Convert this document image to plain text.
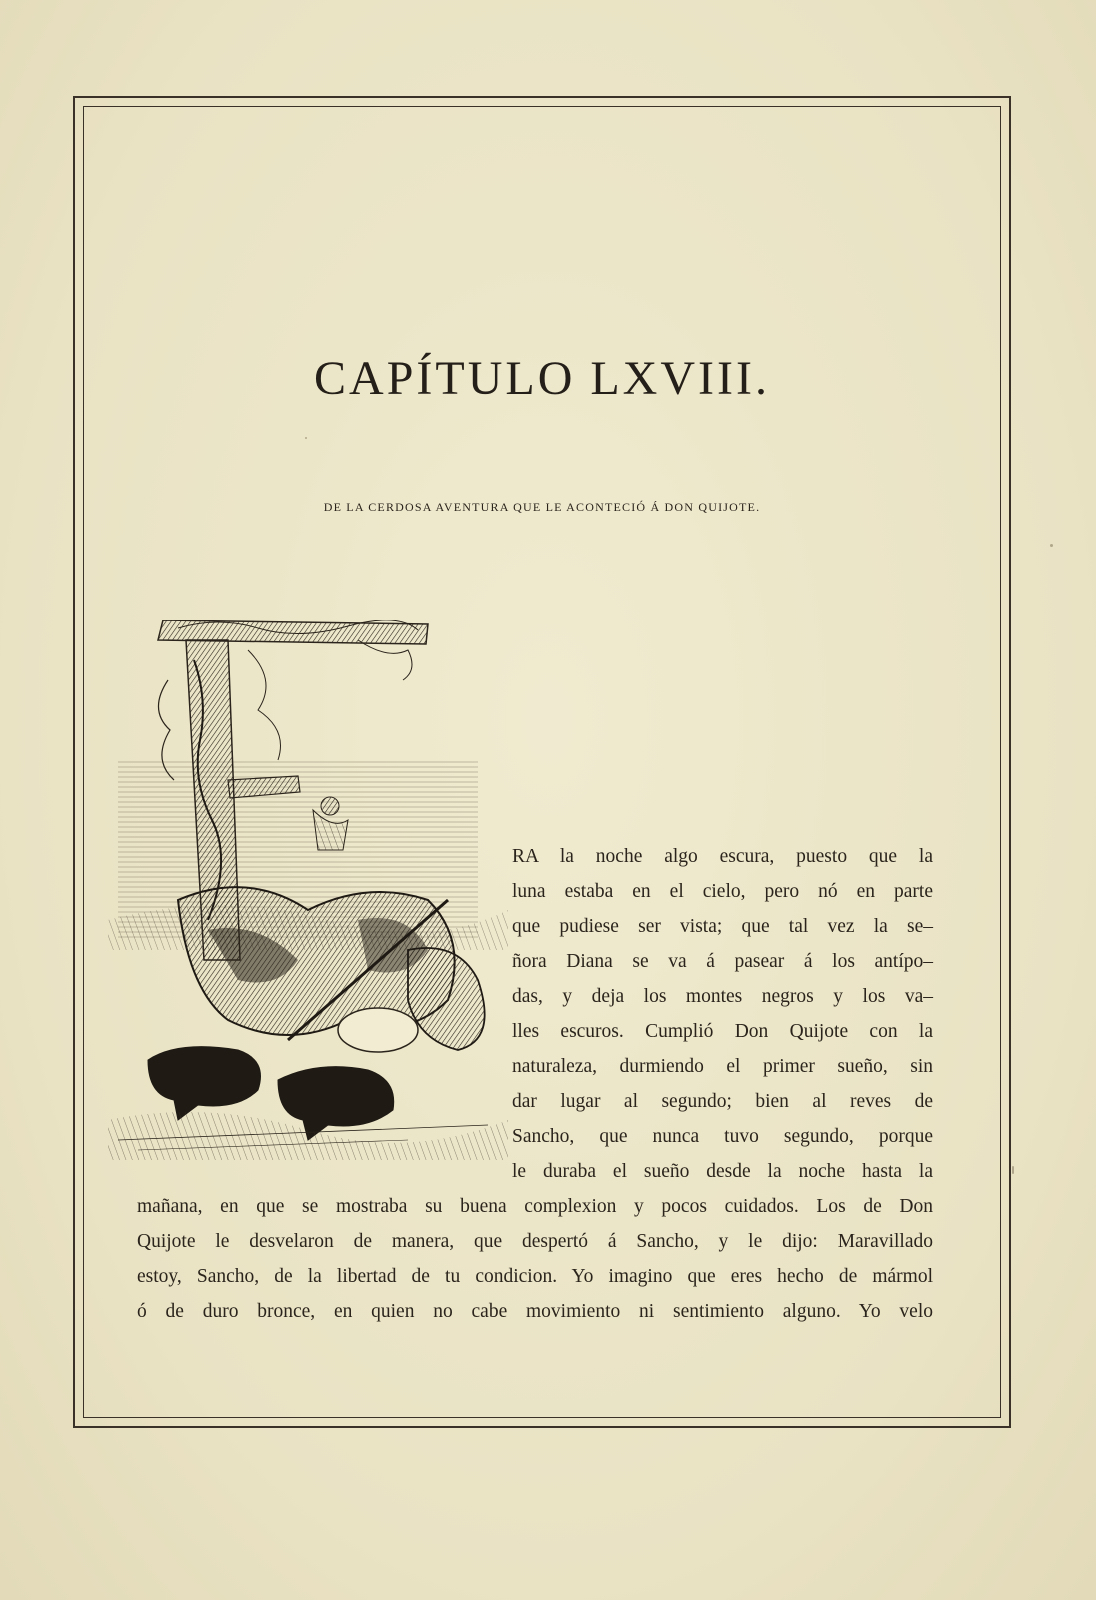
CAPÍTULO LXVIII.

DE LA CERDOSA AVENTURA QUE LE ACONTECIÓ Á DON QUIJOTE.

RA la noche algo escura, puesto que la
luna estaba en el cielo, pero nó en parte
que pudiese ser vista; que tal vez la se–
ñora Diana se va á pasear á los antípo–
das, y deja los montes negros y los va–
lles escuros. Cumplió Don Quijote con la
naturaleza, durmiendo el primer sueño, sin
dar lugar al segundo; bien al reves de
Sancho, que nunca tuvo segundo, porque
le duraba el sueño desde la noche hasta la
mañana, en que se mostraba su buena complexion y pocos cuidados. Los de Don
Quijote le desvelaron de manera, que despertó á Sancho, y le dijo: Maravillado
estoy, Sancho, de la libertad de tu condicion. Yo imagino que eres hecho de mármol
ó de duro bronce, en quien no cabe movimiento ni sentimiento alguno. Yo velo
